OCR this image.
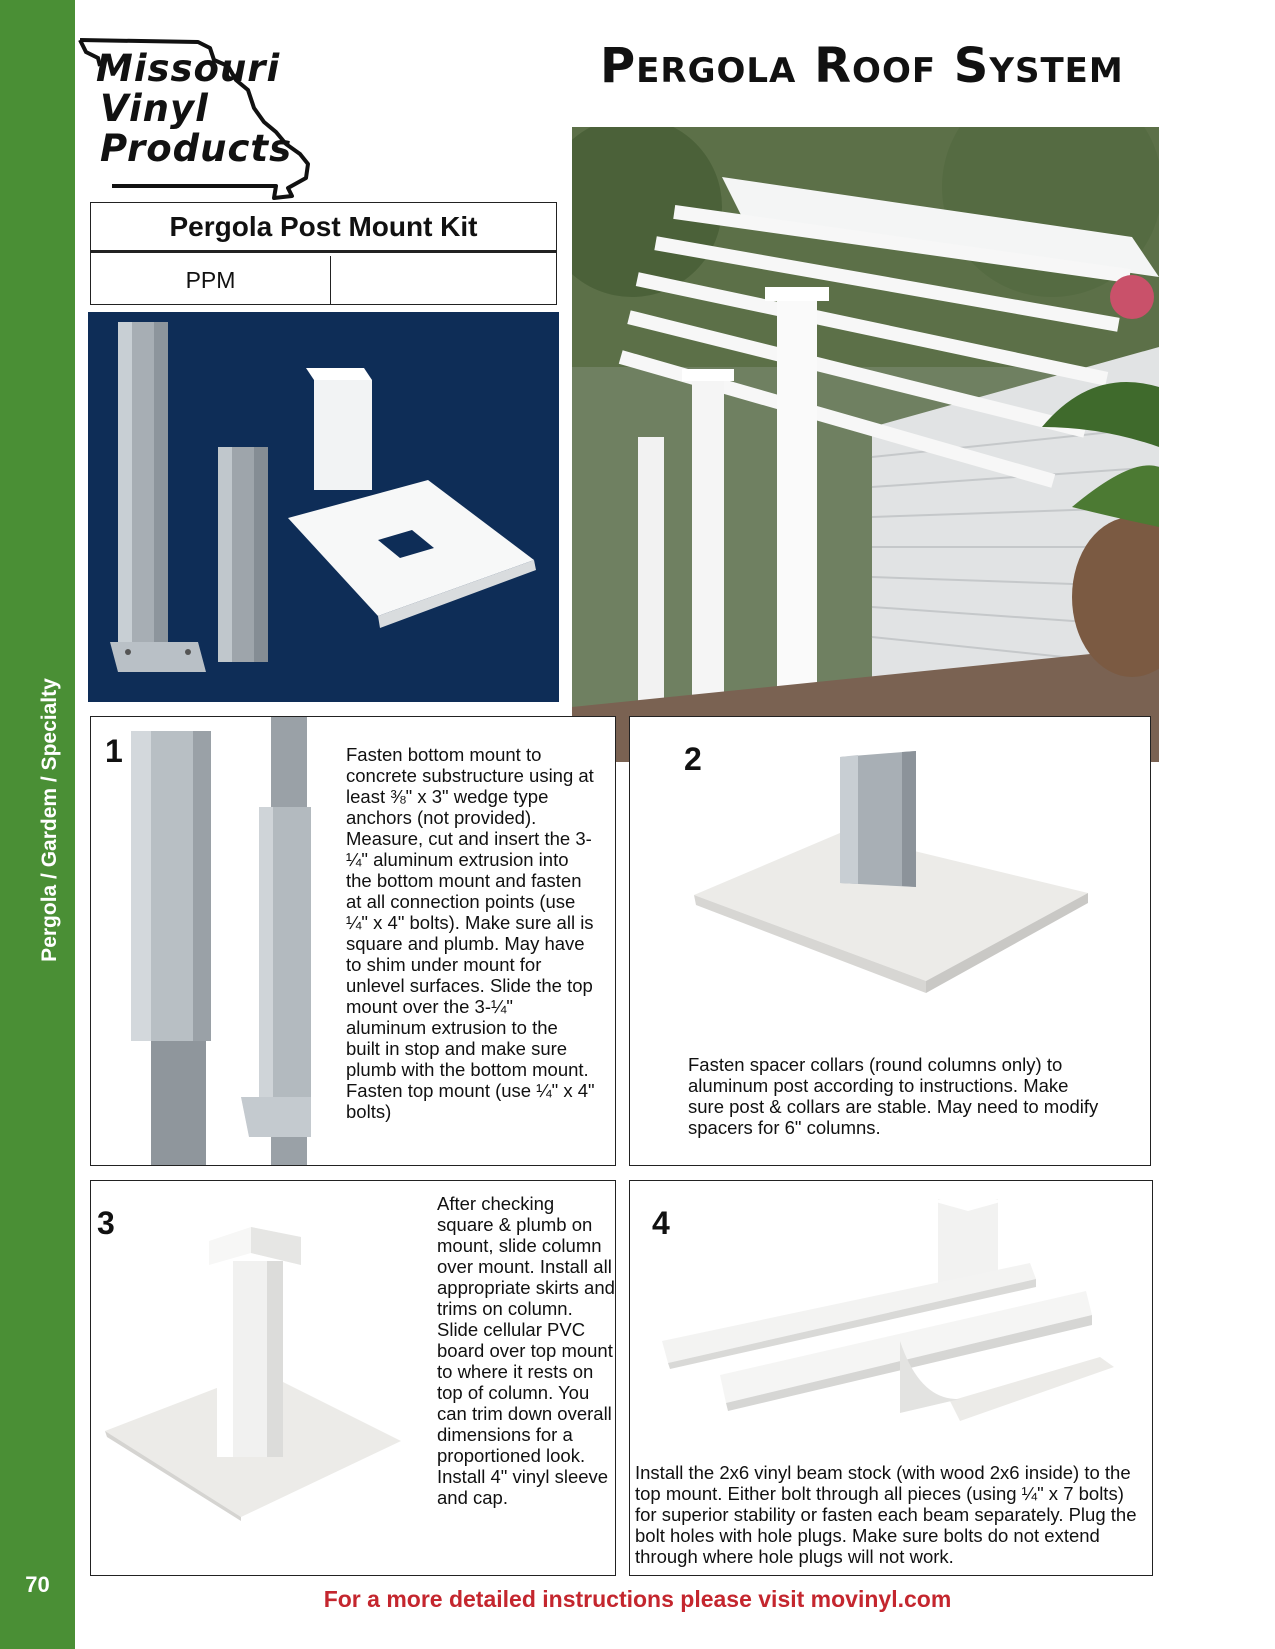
Pergola / Gardem / Specialty
70
Missouri
Vinyl
Products
Pergola Roof System
Pergola Post Mount Kit
PPM
1	Fasten bottom mount to concrete substructure using at least ⅜" x 3" wedge type anchors (not provided). Measure, cut and insert the 3-¼" aluminum extrusion into the bottom mount and fasten at all connection points (use ¼" x 4" bolts). Make sure all is square and plumb. May have to shim under mount for unlevel surfaces. Slide the top mount over the 3-¼" aluminum extrusion to the built in stop and make sure plumb with the bottom mount. Fasten top mount (use ¼" x 4" bolts)
2
Fasten spacer collars (round columns only) to aluminum post according to instructions. Make sure post & collars are stable. May need to modify spacers for 6" columns.
3
After checking square & plumb on mount, slide column over mount. Install all appropriate skirts and trims on column. Slide cellular PVC board over top mount to where it rests on top of column. You can trim down overall dimensions for a proportioned look. Install 4" vinyl sleeve and cap.
4
Install the 2x6 vinyl beam stock (with wood 2x6 inside) to the top mount. Either bolt through all pieces (using ¼" x 7 bolts) for superior stability or fasten each beam separately. Plug the bolt holes with hole plugs. Make sure bolts do not extend through where hole plugs will not work.
For a more detailed instructions please visit movinyl.com
